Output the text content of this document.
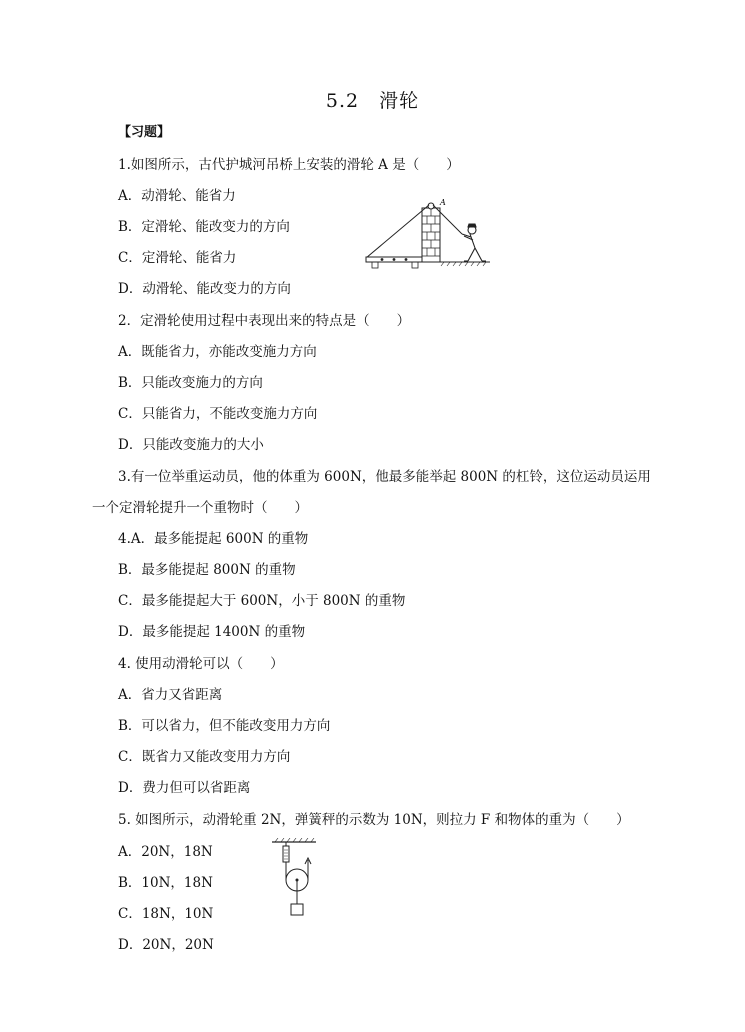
5.2　滑轮
【习题】
1.如图所示，古代护城河吊桥上安装的滑轮 A 是（　　）
A．动滑轮、能省力
B．定滑轮、能改变力的方向
C．定滑轮、能省力
D．动滑轮、能改变力的方向
A
2．定滑轮使用过程中表现出来的特点是（　　）
A．既能省力，亦能改变施力方向
B．只能改变施力的方向
C．只能省力，不能改变施力方向
D．只能改变施力的大小
3.有一位举重运动员，他的体重为 600N，他最多能举起 800N 的杠铃，这位运动员运用
一个定滑轮提升一个重物时（　　）
4.A．最多能提起 600N 的重物
B．最多能提起 800N 的重物
C．最多能提起大于 600N，小于 800N 的重物
D．最多能提起 1400N 的重物
4. 使用动滑轮可以（　　）
A．省力又省距离
B．可以省力，但不能改变用力方向
C．既省力又能改变用力方向
D．费力但可以省距离
5. 如图所示，动滑轮重 2N，弹簧秤的示数为 10N，则拉力 F 和物体的重为（　　）
A．20N，18N
B．10N，18N
C．18N，10N
D．20N，20N
